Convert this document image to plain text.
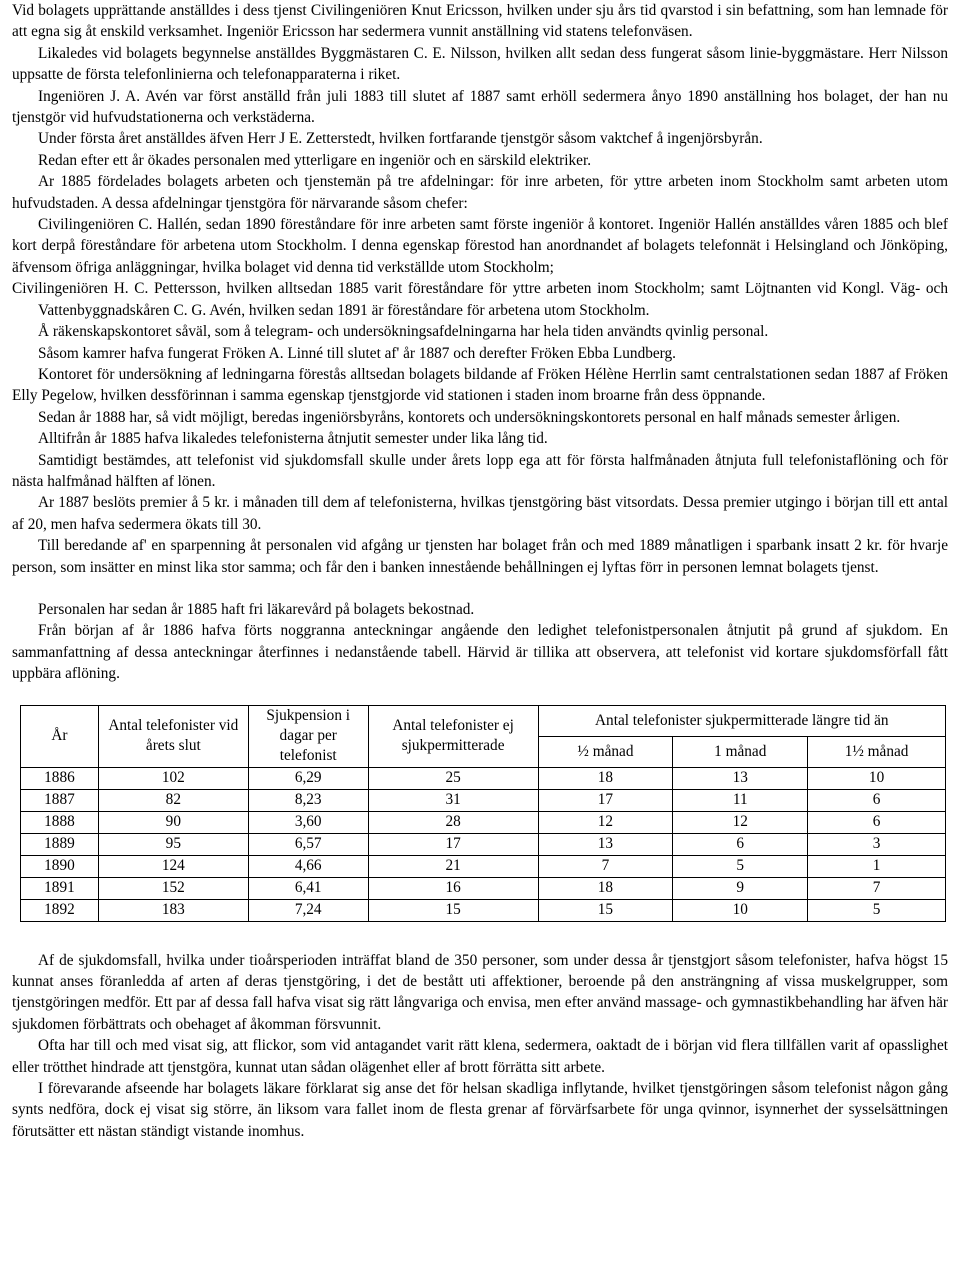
Vid bolagets upprättande anställdes i dess tjenst Civilingeniören Knut Ericsson, hvilken under sju års tid qvarstod i sin befattning, som han lemnade för att egna sig åt enskild verksamhet. Ingeniör Ericsson har sedermera vunnit anställning vid statens telefonväsen.

Likaledes vid bolagets begynnelse anställdes Byggmästaren C. E. Nilsson, hvilken allt sedan dess fungerat såsom linie-byggmästare. Herr Nilsson uppsatte de första telefonlinierna och telefonapparaterna i riket.

Ingeniören J. A. Avén var först anställd från juli 1883 till slutet af 1887 samt erhöll sedermera ånyo 1890 anställning hos bolaget, der han nu tjenstgör vid hufvudstationerna och verkstäderna.

Under första året anställdes äfven Herr J E. Zetterstedt, hvilken fortfarande tjenstgör såsom vaktchef å ingenjörsbyrån.

Redan efter ett år ökades personalen med ytterligare en ingeniör och en särskild elektriker.

Ar 1885 fördelades bolagets arbeten och tjenstemän på tre afdelningar: för inre arbeten, för yttre arbeten inom Stockholm samt arbeten utom hufvudstaden. A dessa afdelningar tjenstgöra för närvarande såsom chefer:

Civilingeniören C. Hallén, sedan 1890 föreståndare för inre arbeten samt förste ingeniör å kontoret. Ingeniör Hallén anställdes våren 1885 och blef kort derpå föreståndare för arbetena utom Stockholm. I denna egenskap förestod han anordnandet af bolagets telefonnät i Helsingland och Jönköping, äfvensom öfriga anläggningar, hvilka bolaget vid denna tid verkställde utom Stockholm;

Civilingeniören H. C. Pettersson, hvilken alltsedan 1885 varit föreståndare för yttre arbeten inom Stockholm; samt Löjtnanten vid Kongl. Väg- och Vattenbyggnadskåren C. G. Avén, hvilken sedan 1891 är föreståndare för arbetena utom Stockholm.

Å räkenskapskontoret såväl, som å telegram- och undersökningsafdelningarna har hela tiden användts qvinlig personal.

Såsom kamrer hafva fungerat Fröken A. Linné till slutet af' år 1887 och derefter Fröken Ebba Lundberg.

Kontoret för undersökning af ledningarna förestås alltsedan bolagets bildande af Fröken Hélène Herrlin samt centralstationen sedan 1887 af Fröken Elly Pegelow, hvilken dessförinnan i samma egenskap tjenstgjorde vid stationen i staden inom broarne från dess öppnande.

Sedan år 1888 har, så vidt möjligt, beredas ingeniörsbyråns, kontorets och undersökningskontorets personal en half månads semester årligen.

Alltifrån år 1885 hafva likaledes telefonisterna åtnjutit semester under lika lång tid.

Samtidigt bestämdes, att telefonist vid sjukdomsfall skulle under årets lopp ega att för första halfmånaden åtnjuta full telefonistaflöning och för nästa halfmånad hälften af lönen.

Ar 1887 beslöts premier å 5 kr. i månaden till dem af telefonisterna, hvilkas tjenstgöring bäst vitsordats. Dessa premier utgingo i början till ett antal af 20, men hafva sedermera ökats till 30.

Till beredande af' en sparpenning åt personalen vid afgång ur tjensten har bolaget från och med 1889 månatligen i sparbank insatt 2 kr. för hvarje person, som insätter en minst lika stor samma; och får den i banken innestående behållningen ej lyftas förr in personen lemnat bolagets tjenst.

Personalen har sedan år 1885 haft fri läkarevård på bolagets bekostnad.

Från början af år 1886 hafva förts noggranna anteckningar angående den ledighet telefonistpersonalen åtnjutit på grund af sjukdom. En sammanfattning af dessa anteckningar återfinnes i nedanstående tabell. Härvid är tillika att observera, att telefonist vid kortare sjukdomsförfall fått uppbära aflöning.

År	Antal telefonister vid årets slut	Sjukpension i dagar per telefonist	Antal telefonister ej sjukpermitterade	Antal telefonister sjukpermitterade längre tid än		
				½ månad	1 månad	1½ månad
1886	102	6,29	25	18	13	10
1887	82	8,23	31	17	11	6
1888	90	3,60	28	12	12	6
1889	95	6,57	17	13	6	3
1890	124	4,66	21	7	5	1
1891	152	6,41	16	18	9	7
1892	183	7,24	15	15	10	5

Af de sjukdomsfall, hvilka under tioårsperioden inträffat bland de 350 personer, som under dessa år tjenstgjort såsom telefonister, hafva högst 15 kunnat anses föranledda af arten af deras tjenstgöring, i det de bestått uti affektioner, beroende på den ansträngning af vissa muskelgrupper, som tjenstgöringen medför. Ett par af dessa fall hafva visat sig rätt långvariga och envisa, men efter använd massage- och gymnastikbehandling har äfven här sjukdomen förbättrats och obehaget af åkomman försvunnit.

Ofta har till och med visat sig, att flickor, som vid antagandet varit rätt klena, sedermera, oaktadt de i början vid flera tillfällen varit af opasslighet eller trötthet hindrade att tjenstgöra, kunnat utan sådan olägenhet eller af brott förrätta sitt arbete.

I förevarande afseende har bolagets läkare förklarat sig anse det för helsan skadliga inflytande, hvilket tjenstgöringen såsom telefonist någon gång synts nedföra, dock ej visat sig större, än liksom vara fallet inom de flesta grenar af förvärfsarbete för unga qvinnor, isynnerhet der sysselsättningen förutsätter ett nästan ständigt vistande inomhus.
